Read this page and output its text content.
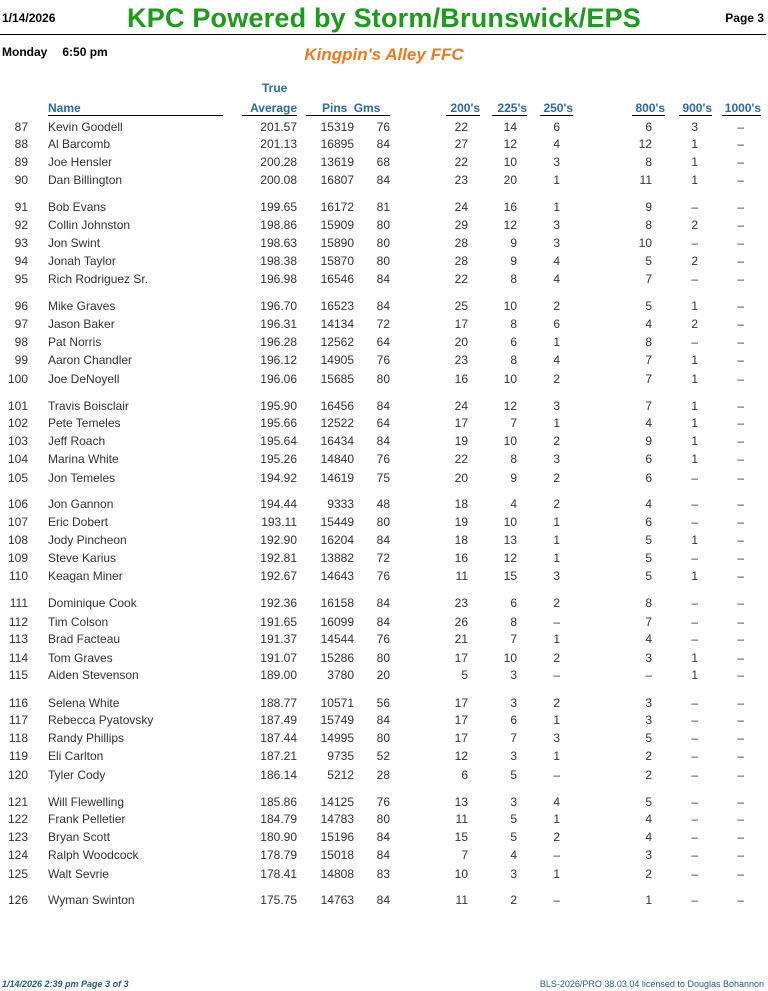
1/14/2026	KPC Powered by Storm/Brunswick/EPS	Page 3
Monday 6:50 pm	Kingpin's Alley FFC
True
Name	Average	Pins Gms	200's	225's 250's	800's 900's 1000's
87 Kevin Goodell	201.57	15319	76	22	14	6	6	3	–
88 Al Barcomb	201.13	16895	84	27	12	4	12	1	–
89 Joe Hensler	200.28	13619	68	22	10	3	8	1	–
90 Dan Billington	200.08	16807	84	23	20	1	11	1	–
91 Bob Evans	199.65	16172	81	24	16	1	9	–	–
92 Collin Johnston	198.86	15909	80	29	12	3	8	2	–
93 Jon Swint	198.63	15890	80	28	9	3	10	–	–
94 Jonah Taylor	198.38	15870	80	28	9	4	5	2	–
95 Rich Rodriguez Sr.	196.98	16546	84	22	8	4	7	–	–
96 Mike Graves	196.70	16523	84	25	10	2	5	1	–
97 Jason Baker	196.31	14134	72	17	8	6	4	2	–
98 Pat Norris	196.28	12562	64	20	6	1	8	–	–
99 Aaron Chandler	196.12	14905	76	23	8	4	7	1	–
100 Joe DeNoyell	196.06	15685	80	16	10	2	7	1	–
101 Travis Boisclair	195.90	16456	84	24	12	3	7	1	–
102 Pete Temeles	195.66	12522	64	17	7	1	4	1	–
103 Jeff Roach	195.64	16434	84	19	10	2	9	1	–
104 Marina White	195.26	14840	76	22	8	3	6	1	–
105 Jon Temeles	194.92	14619	75	20	9	2	6	–	–
106 Jon Gannon	194.44	9333	48	18	4	2	4	–	–
107 Eric Dobert	193.11	15449	80	19	10	1	6	–	–
108 Jody Pincheon	192.90	16204	84	18	13	1	5	1	–
109 Steve Karius	192.81	13882	72	16	12	1	5	–	–
110 Keagan Miner	192.67	14643	76	11	15	3	5	1	–
111 Dominique Cook	192.36	16158	84	23	6	2	8	–	–
112 Tim Colson	191.65	16099	84	26	8	–	7	–	–
113 Brad Facteau	191.37	14544	76	21	7	1	4	–	–
114 Tom Graves	191.07	15286	80	17	10	2	3	1	–
115 Aiden Stevenson	189.00	3780	20	5	3	–	–	1	–
116 Selena White	188.77	10571	56	17	3	2	3	–	–
117 Rebecca Pyatovsky	187.49	15749	84	17	6	1	3	–	–
118 Randy Phillips	187.44	14995	80	17	7	3	5	–	–
119 Eli Carlton	187.21	9735	52	12	3	1	2	–	–
120 Tyler Cody	186.14	5212	28	6	5	–	2	–	–
121 Will Flewelling	185.86	14125	76	13	3	4	5	–	–
122 Frank Pelletier	184.79	14783	80	11	5	1	4	–	–
123 Bryan Scott	180.90	15196	84	15	5	2	4	–	–
124 Ralph Woodcock	178.79	15018	84	7	4	–	3	–	–
125 Walt Sevrie	178.41	14808	83	10	3	1	2	–	–
126 Wyman Swinton	175.75	14763	84	11	2	–	1	–	–
1/14/2026 2:39 pm Page 3 of 3	BLS-2026/PRO 38.03.04 licensed to Douglas Bohannon
